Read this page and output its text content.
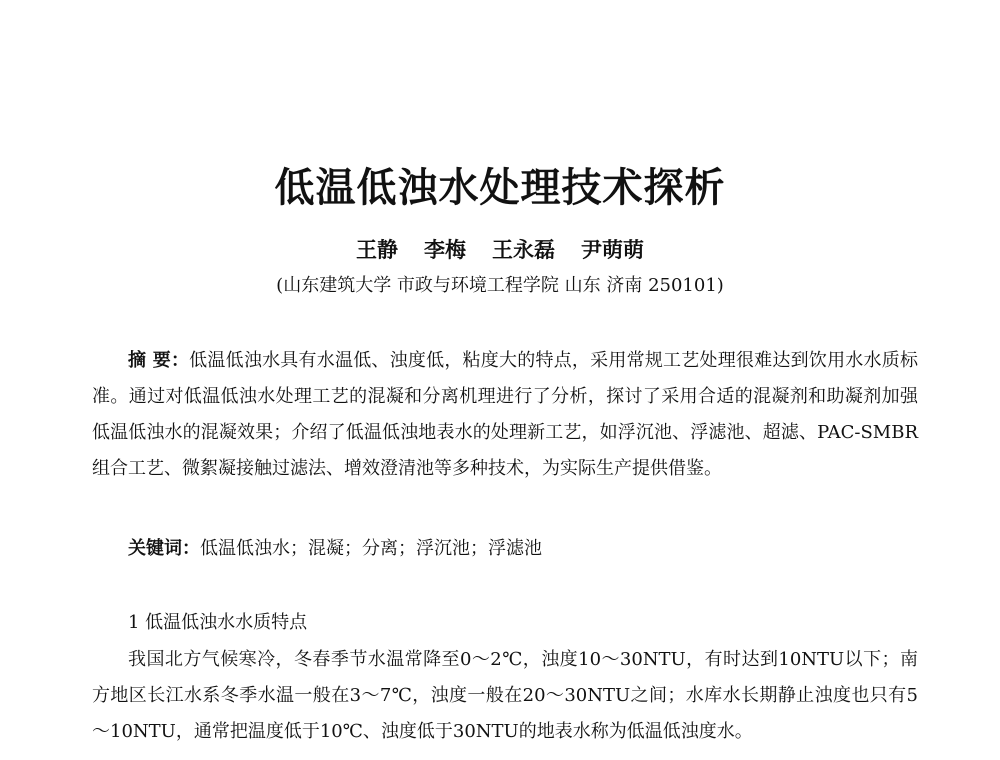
低温低浊水处理技术探析
王静 李梅 王永磊 尹萌萌
(山东建筑大学 市政与环境工程学院 山东 济南 250101)

摘 要：低温低浊水具有水温低、浊度低，粘度大的特点，采用常规工艺处理很难达到饮用水水质标准。通过对低温低浊水处理工艺的混凝和分离机理进行了分析，探讨了采用合适的混凝剂和助凝剂加强低温低浊水的混凝效果；介绍了低温低浊地表水的处理新工艺，如浮沉池、浮滤池、超滤、PAC-SMBR组合工艺、微絮凝接触过滤法、增效澄清池等多种技术，为实际生产提供借鉴。

关键词：低温低浊水；混凝；分离；浮沉池；浮滤池

1 低温低浊水水质特点

我国北方气候寒冷，冬春季节水温常降至0～2℃，浊度10～30NTU，有时达到10NTU以下；南方地区长江水系冬季水温一般在3～7℃，浊度一般在20～30NTU之间；水库水长期静止浊度也只有5～10NTU，通常把温度低于10℃、浊度低于30NTU的地表水称为低温低浊度水。
